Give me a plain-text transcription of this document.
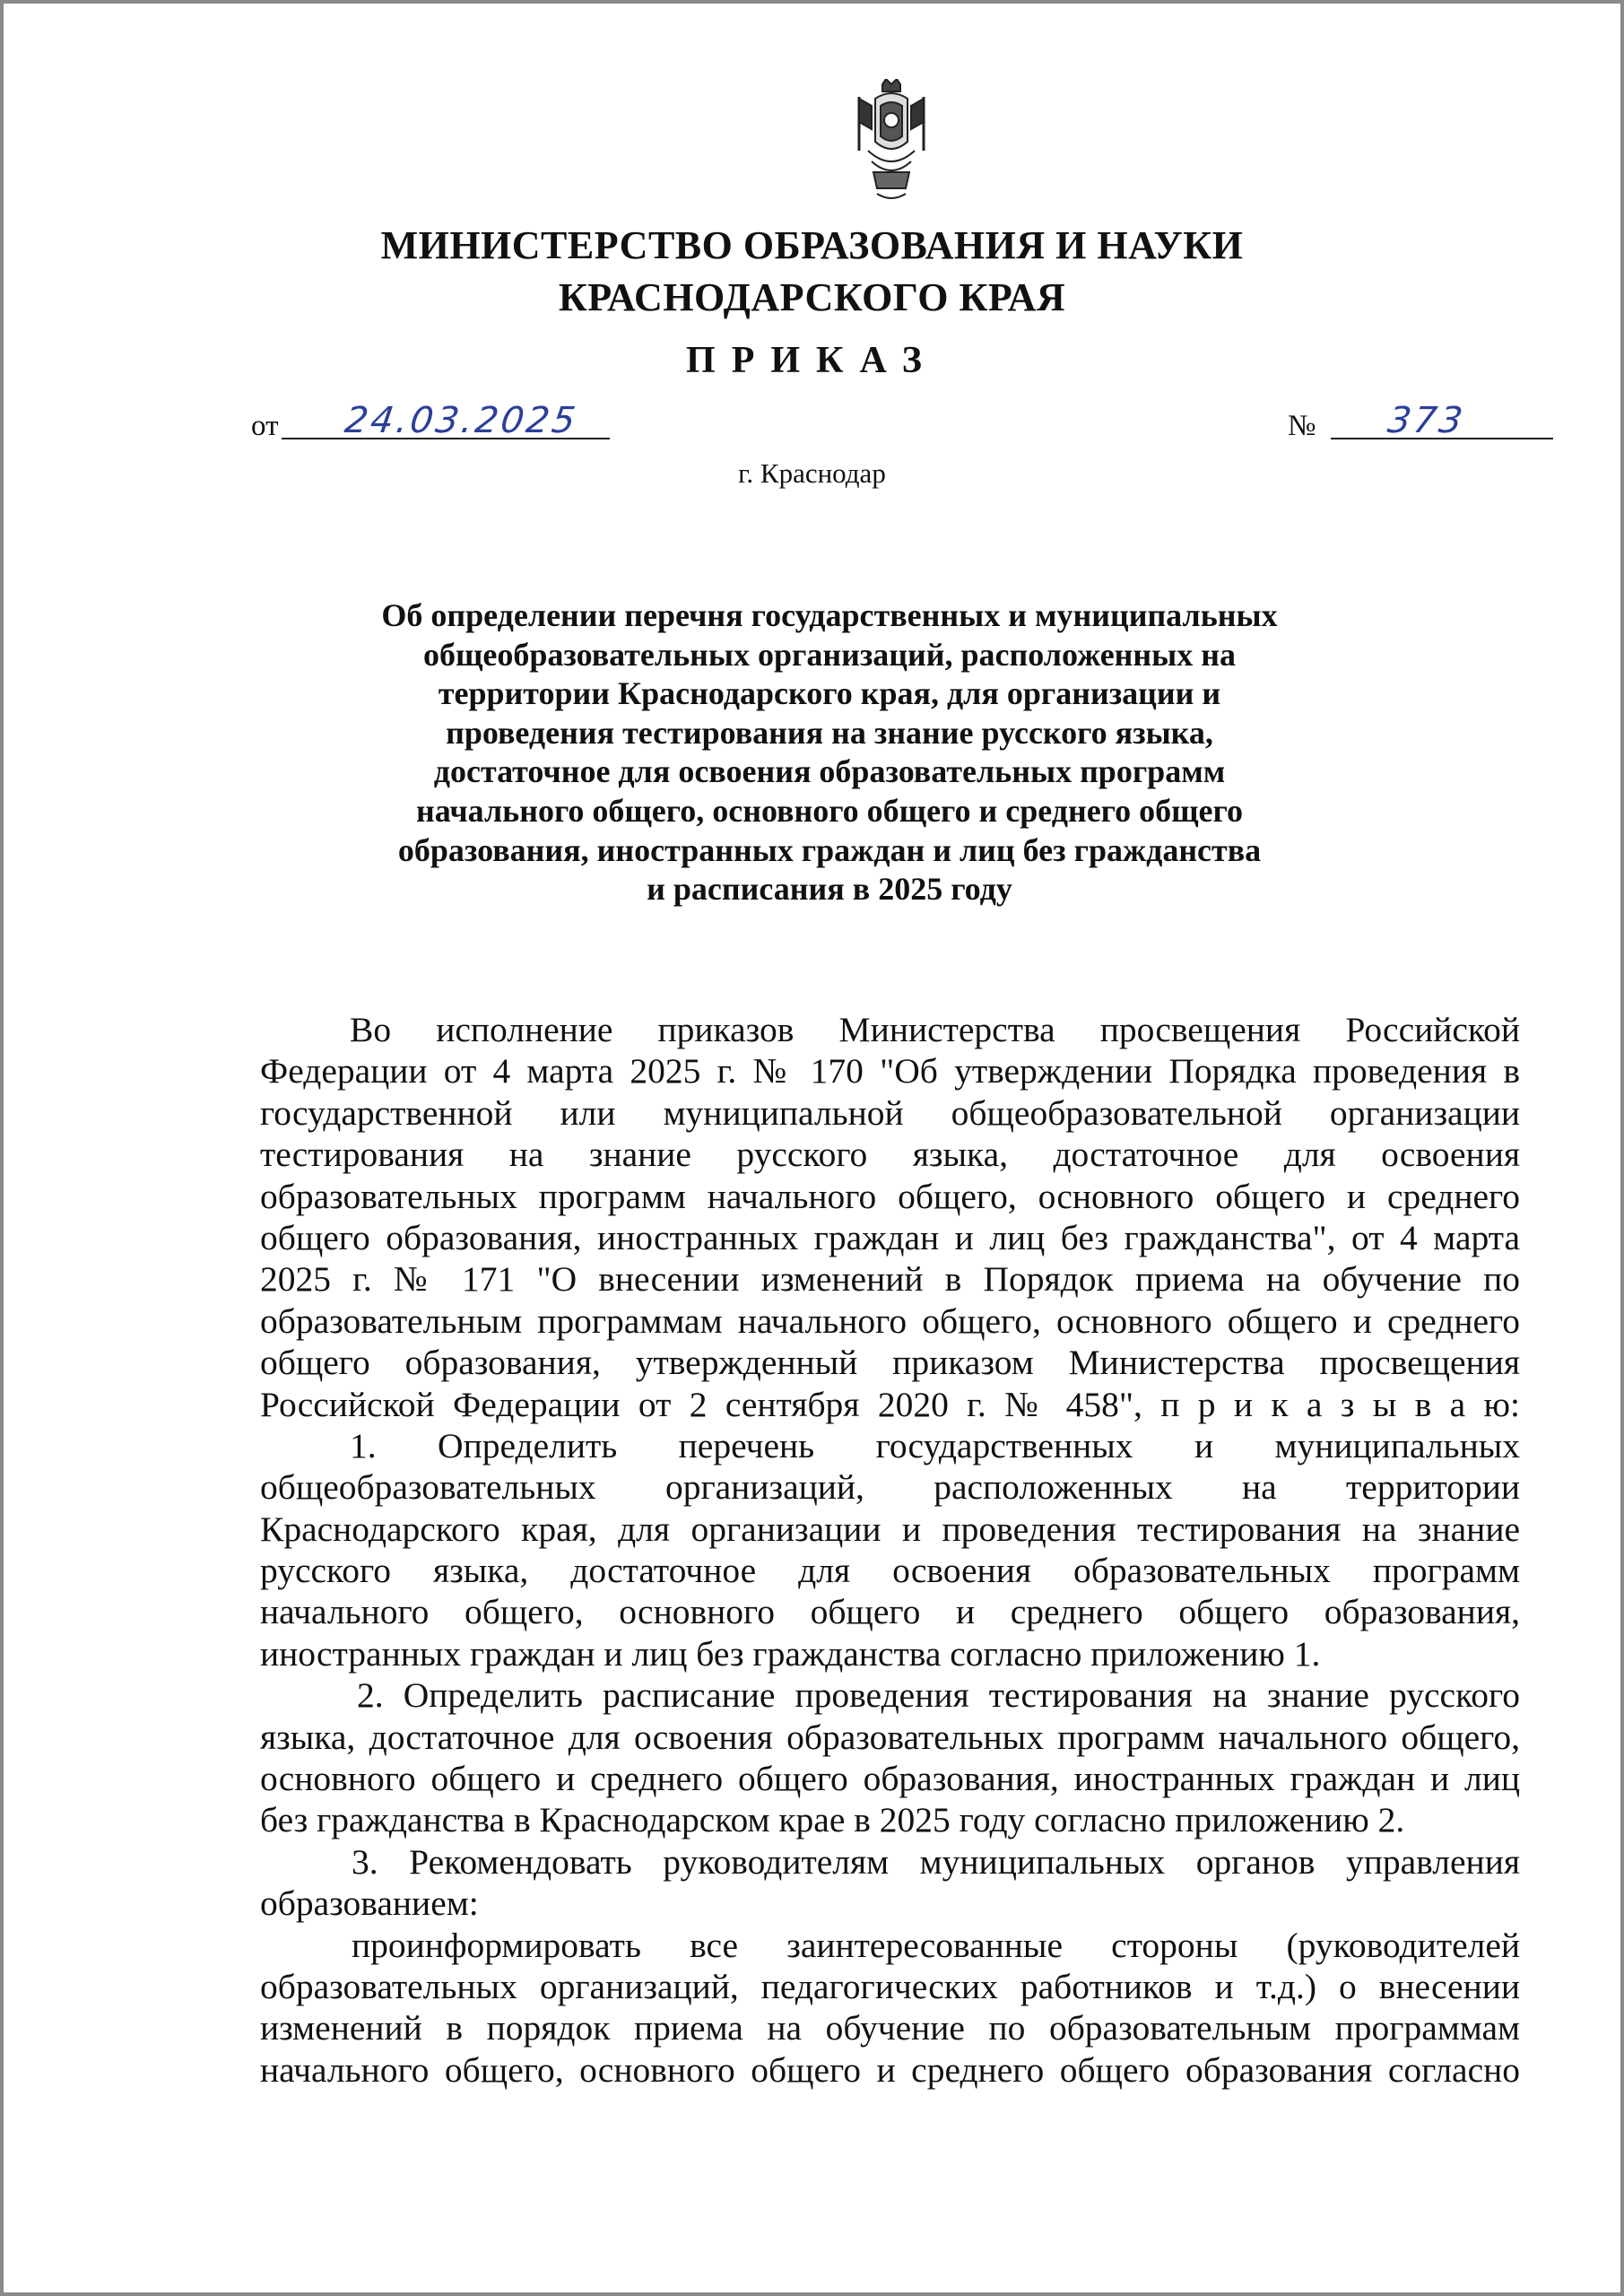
МИНИСТЕРСТВО ОБРАЗОВАНИЯ И НАУКИ
КРАСНОДАРСКОГО КРАЯ
ПРИКАЗ
от 24.03.2025	№ 373
г. Краснодар
Об определении перечня государственных и муниципальных
общеобразовательных организаций, расположенных на
территории Краснодарского края, для организации и
проведения тестирования на знание русского языка,
достаточное для освоения образовательных программ
начального общего, основного общего и среднего общего
образования, иностранных граждан и лиц без гражданства
и расписания в 2025 году
Во исполнение приказов Министерства просвещения Российской
Федерации от 4 марта 2025 г. № 170 "Об утверждении Порядка проведения в
государственной или муниципальной общеобразовательной организации
тестирования на знание русского языка, достаточное для освоения
образовательных программ начального общего, основного общего и среднего
общего образования, иностранных граждан и лиц без гражданства", от 4 марта
2025 г. № 171 "О внесении изменений в Порядок приема на обучение по
образовательным программам начального общего, основного общего и среднего
общего образования, утвержденный приказом Министерства просвещения
Российской Федерации от 2 сентября 2020 г. № 458", п р и к а з ы в а ю:
1. Определить перечень государственных и муниципальных
общеобразовательных организаций, расположенных на территории
Краснодарского края, для организации и проведения тестирования на знание
русского языка, достаточное для освоения образовательных программ
начального общего, основного общего и среднего общего образования,
иностранных граждан и лиц без гражданства согласно приложению 1.
2. Определить расписание проведения тестирования на знание русского
языка, достаточное для освоения образовательных программ начального общего,
основного общего и среднего общего образования, иностранных граждан и лиц
без гражданства в Краснодарском крае в 2025 году согласно приложению 2.
3. Рекомендовать руководителям муниципальных органов управления
образованием:
проинформировать все заинтересованные стороны (руководителей
образовательных организаций, педагогических работников и т.д.) о внесении
изменений в порядок приема на обучение по образовательным программам
начального общего, основного общего и среднего общего образования согласно
